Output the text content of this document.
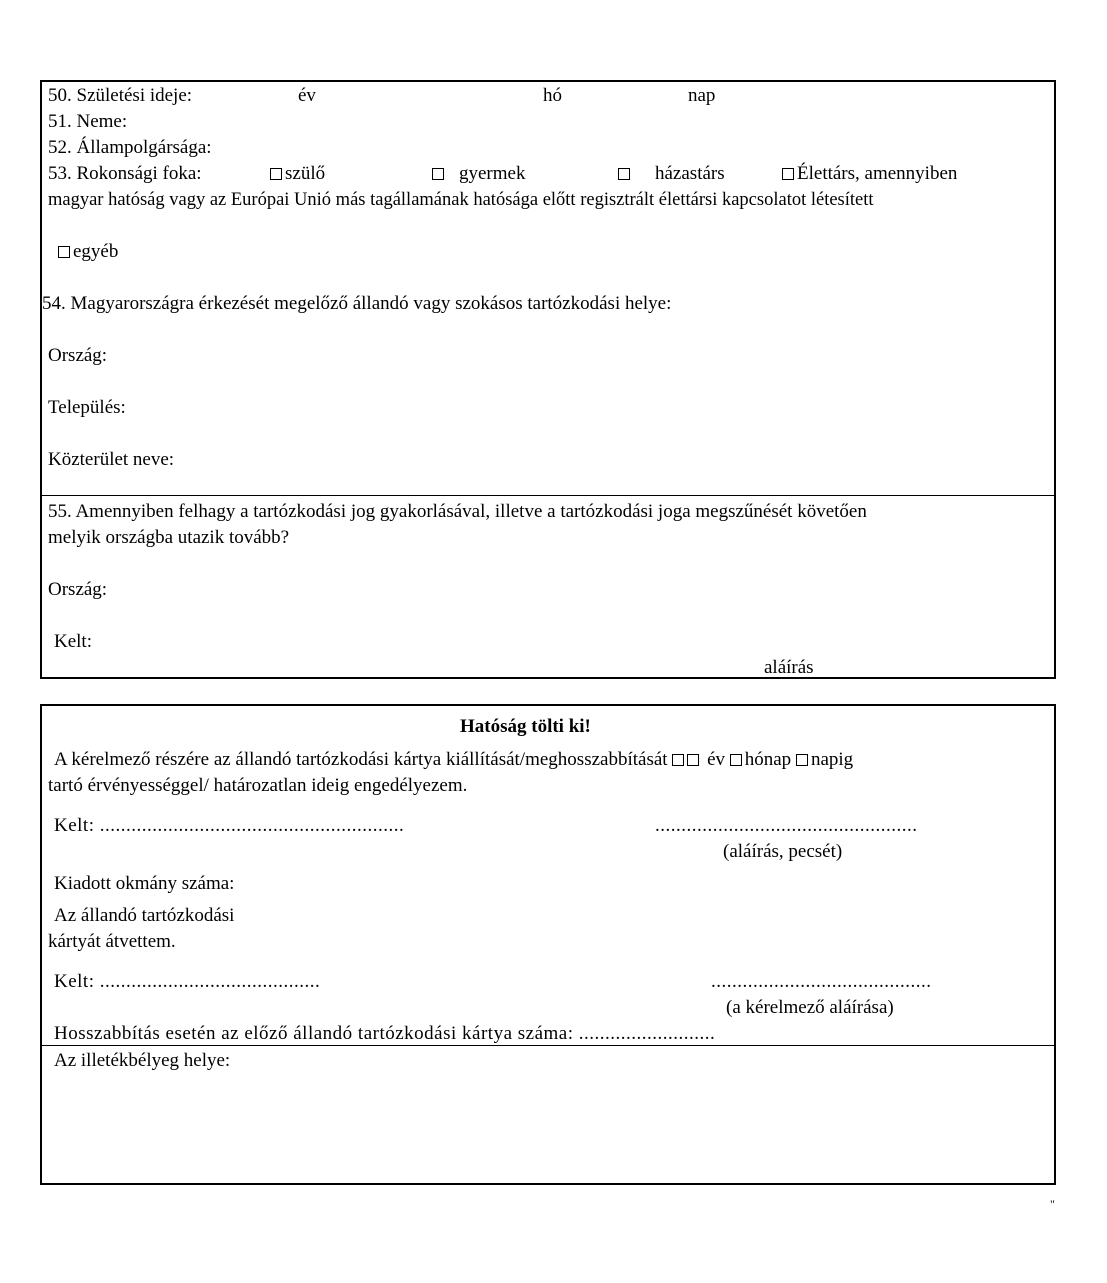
50. Születési ideje:	év	hó	nap
51. Neme:
52. Állampolgársága:
53. Rokonsági foka:	szülő	gyermek	házastárs	Élettárs, amennyiben
magyar hatóság vagy az Európai Unió más tagállamának hatósága előtt regisztrált élettársi kapcsolatot létesített
egyéb
54. Magyarországra érkezését megelőző állandó vagy szokásos tartózkodási helye:
Ország:
Település:
Közterület neve:
55. Amennyiben felhagy a tartózkodási jog gyakorlásával, illetve a tartózkodási joga megszűnését követően
melyik országba utazik tovább?
Ország:
Kelt:
aláírás
Hatóság tölti ki!
A kérelmező részére az állandó tartózkodási kártya kiállítását/meghosszabbítását év hónap napig
tartó érvényességgel/ határozatlan ideig engedélyezem.
Kelt: ..........................................................	..................................................
(aláírás, pecsét)
Kiadott okmány száma:
Az állandó tartózkodási
kártyát átvettem.
Kelt: ..........................................	..........................................
(a kérelmező aláírása)
Hosszabbítás esetén az előző állandó tartózkodási kártya száma: ..........................
Az illetékbélyeg helye:
"
